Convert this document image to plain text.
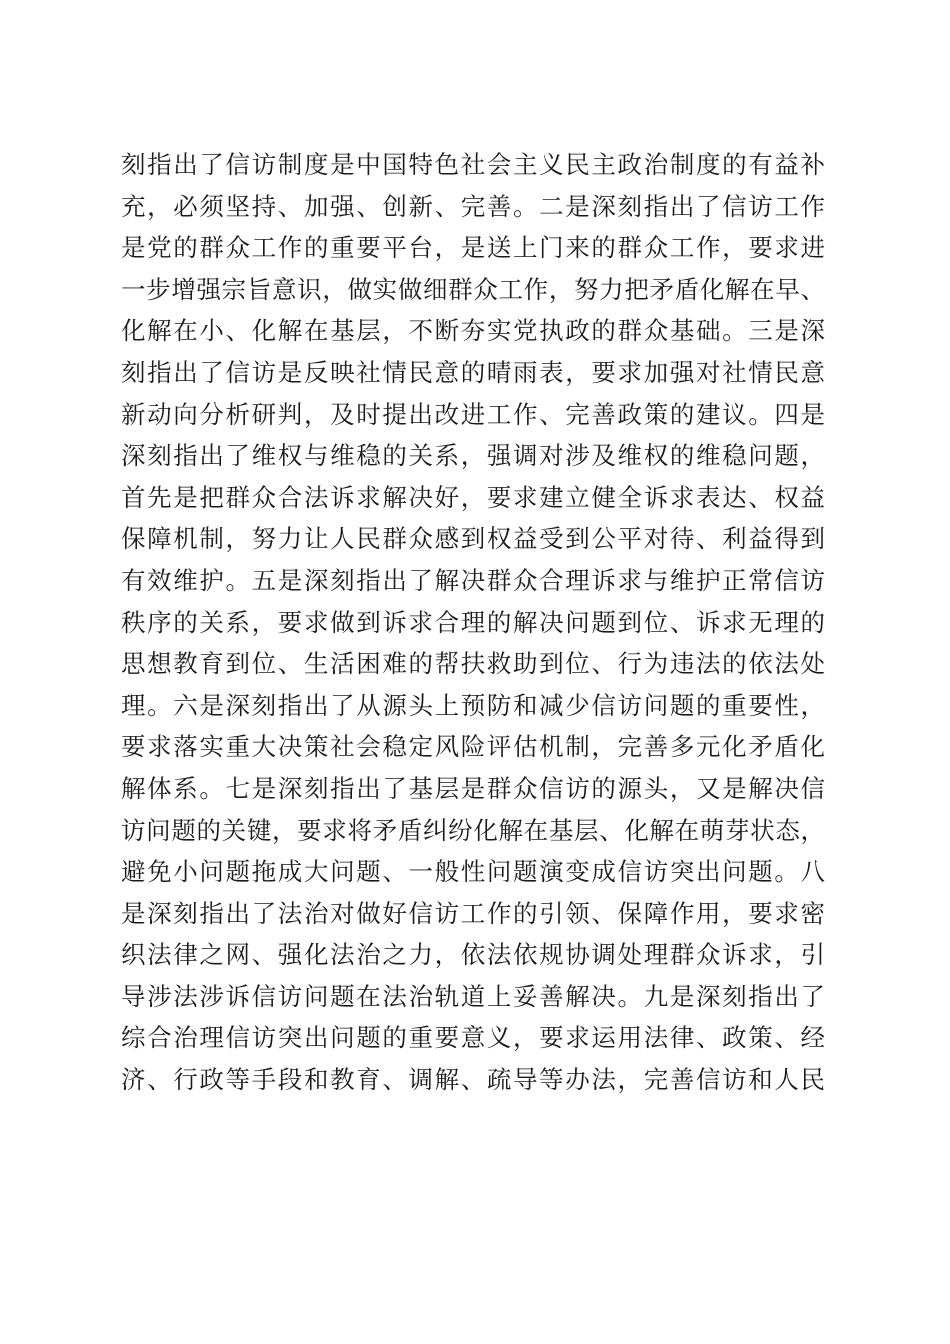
刻指出了信访制度是中国特色社会主义民主政治制度的有益补
充，必须坚持、加强、创新、完善。二是深刻指出了信访工作
是党的群众工作的重要平台，是送上门来的群众工作，要求进
一步增强宗旨意识，做实做细群众工作，努力把矛盾化解在早、
化解在小、化解在基层，不断夯实党执政的群众基础。三是深
刻指出了信访是反映社情民意的晴雨表，要求加强对社情民意
新动向分析研判，及时提出改进工作、完善政策的建议。四是
深刻指出了维权与维稳的关系，强调对涉及维权的维稳问题，
首先是把群众合法诉求解决好，要求建立健全诉求表达、权益
保障机制，努力让人民群众感到权益受到公平对待、利益得到
有效维护。五是深刻指出了解决群众合理诉求与维护正常信访
秩序的关系，要求做到诉求合理的解决问题到位、诉求无理的
思想教育到位、生活困难的帮扶救助到位、行为违法的依法处
理。六是深刻指出了从源头上预防和减少信访问题的重要性，
要求落实重大决策社会稳定风险评估机制，完善多元化矛盾化
解体系。七是深刻指出了基层是群众信访的源头，又是解决信
访问题的关键，要求将矛盾纠纷化解在基层、化解在萌芽状态，
避免小问题拖成大问题、一般性问题演变成信访突出问题。八
是深刻指出了法治对做好信访工作的引领、保障作用，要求密
织法律之网、强化法治之力，依法依规协调处理群众诉求，引
导涉法涉诉信访问题在法治轨道上妥善解决。九是深刻指出了
综合治理信访突出问题的重要意义，要求运用法律、政策、经
济、行政等手段和教育、调解、疏导等办法，完善信访和人民
